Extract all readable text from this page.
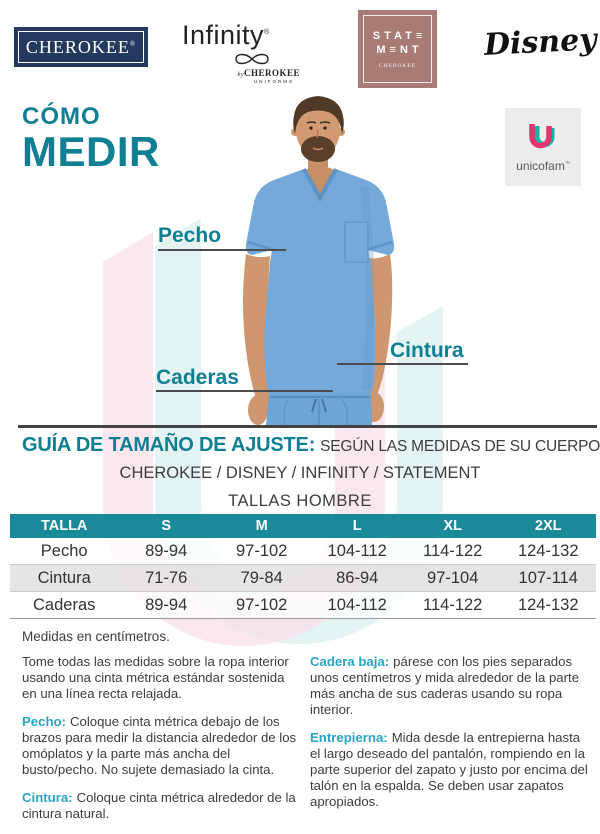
CHEROKEE® Infinity®
byCHEROKEE
UNIFORMS
STAT≡
M≡NT
CHEROKEE
Disney
CÓMO
MEDIR	unicofam™
Pecho
Cintura
Caderas
GUÍA DE TAMAÑO DE AJUSTE: SEGÚN LAS MEDIDAS DE SU CUERPO
CHEROKEE / DISNEY / INFINITY / STATEMENT
TALLAS HOMBRE
TALLA	S	M	L	XL	2XL
Pecho	89-94	97-102	104-112	114-122	124-132
Cintura	71-76	79-84	86-94	97-104	107-114
Caderas	89-94	97-102	104-112	114-122	124-132
Medidas en centímetros.

Tome todas las medidas sobre la ropa interior usando una cinta métrica estándar sostenida en una línea recta relajada.

Pecho: Coloque cinta métrica debajo de los brazos para medir la distancia alrededor de los omóplatos y la parte más ancha del busto/pecho. No sujete demasiado la cinta.

Cintura: Coloque cinta métrica alrededor de la cintura natural.

Cadera baja: párese con los pies separados unos centímetros y mida alrededor de la parte más ancha de sus caderas usando su ropa interior.

Entrepierna: Mida desde la entrepierna hasta el largo deseado del pantalón, rompiendo en la parte superior del zapato y justo por encima del talón en la espalda. Se deben usar zapatos apropiados.
